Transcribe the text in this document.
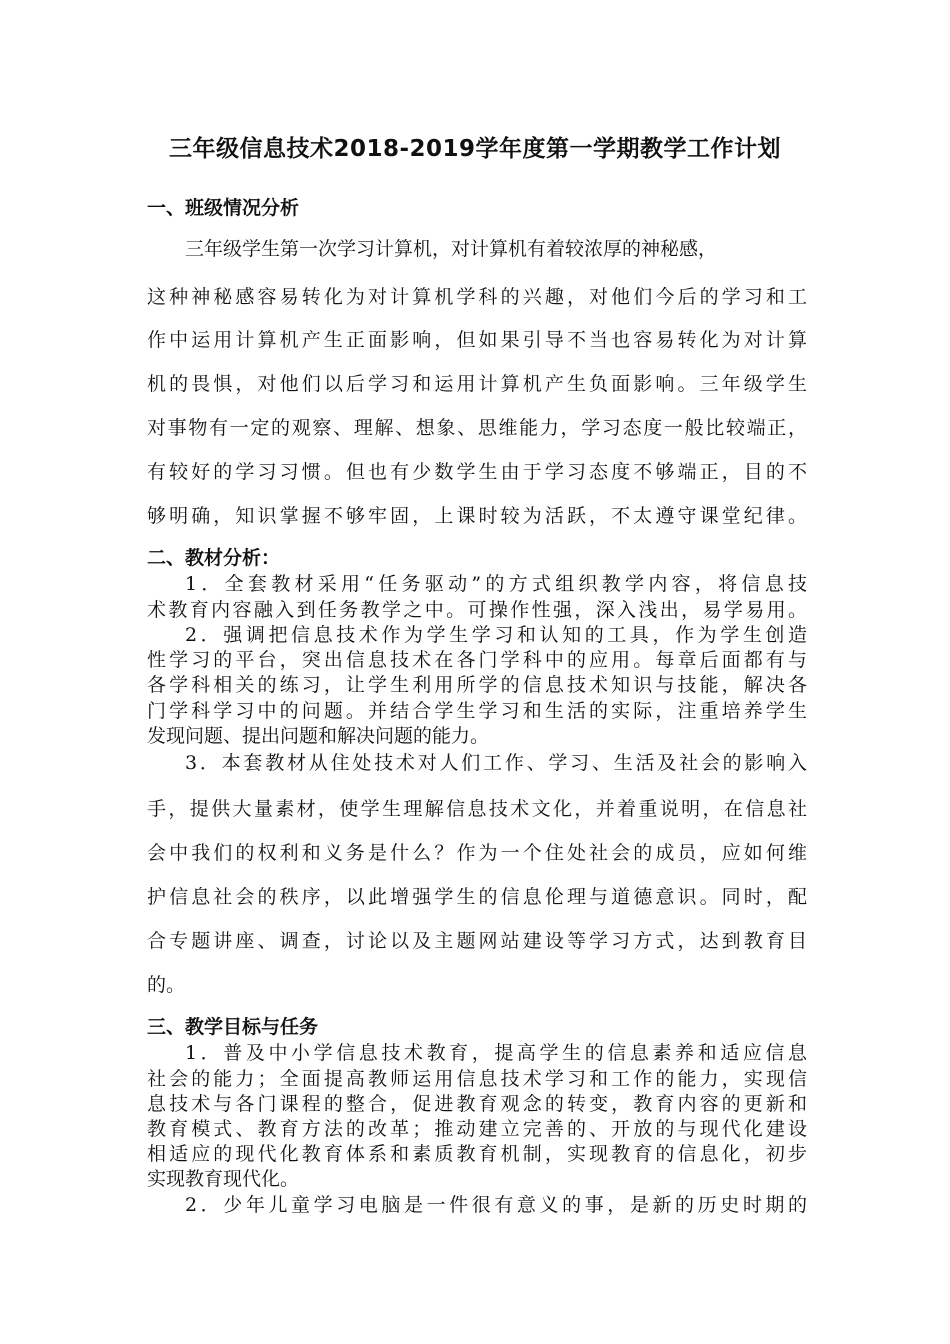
三年级信息技术2018-2019学年度第一学期教学工作计划
一、班级情况分析
三年级学生第一次学习计算机，对计算机有着较浓厚的神秘感，
这种神秘感容易转化为对计算机学科的兴趣，对他们今后的学习和工
作中运用计算机产生正面影响，但如果引导不当也容易转化为对计算
机的畏惧，对他们以后学习和运用计算机产生负面影响。三年级学生
对事物有一定的观察、理解、想象、思维能力，学习态度一般比较端正，
有较好的学习习惯。但也有少数学生由于学习态度不够端正，目的不
够明确，知识掌握不够牢固，上课时较为活跃，不太遵守课堂纪律。
二、教材分析：
1．全套教材采用“任务驱动”的方式组织教学内容，将信息技
术教育内容融入到任务教学之中。可操作性强，深入浅出，易学易用。
2．强调把信息技术作为学生学习和认知的工具，作为学生创造
性学习的平台，突出信息技术在各门学科中的应用。每章后面都有与
各学科相关的练习，让学生利用所学的信息技术知识与技能，解决各
门学科学习中的问题。并结合学生学习和生活的实际，注重培养学生
发现问题、提出问题和解决问题的能力。
3．本套教材从住处技术对人们工作、学习、生活及社会的影响入
手，提供大量素材，使学生理解信息技术文化，并着重说明，在信息社
会中我们的权利和义务是什么？作为一个住处社会的成员，应如何维
护信息社会的秩序，以此增强学生的信息伦理与道德意识。同时，配
合专题讲座、调查，讨论以及主题网站建设等学习方式，达到教育目
的。
三、教学目标与任务
1．普及中小学信息技术教育，提高学生的信息素养和适应信息
社会的能力；全面提高教师运用信息技术学习和工作的能力，实现信
息技术与各门课程的整合，促进教育观念的转变，教育内容的更新和
教育模式、教育方法的改革；推动建立完善的、开放的与现代化建设
相适应的现代化教育体系和素质教育机制，实现教育的信息化，初步
实现教育现代化。
2．少年儿童学习电脑是一件很有意义的事，是新的历史时期的
